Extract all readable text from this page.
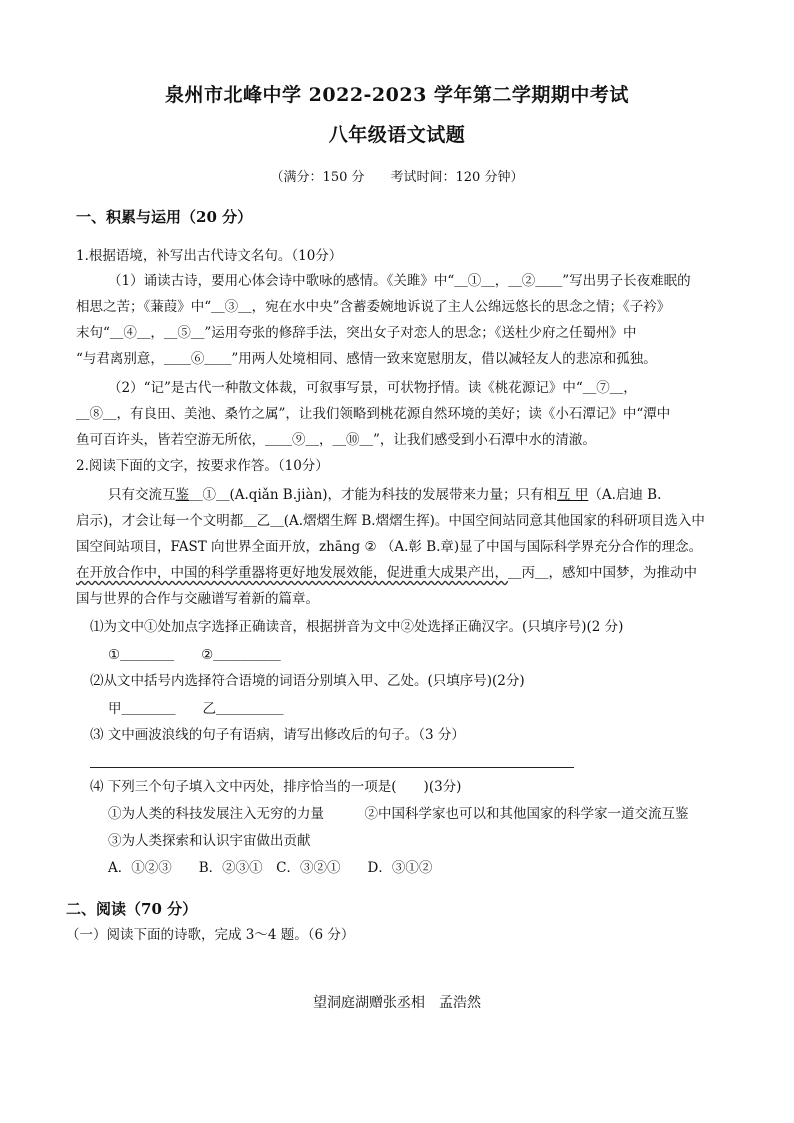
泉州市北峰中学 2022-2023 学年第二学期期中考试
八年级语文试题
（满分：150 分　　考试时间：120 分钟）
一、积累与运用（20 分）
1.根据语境，补写出古代诗文名句。（10分）
（1）诵读古诗，要用心体会诗中歌咏的感情。《关雎》中“＿①＿，＿②＿＿”写出男子长夜难眠的
相思之苦；《蒹葭》中“＿③＿，宛在水中央”含蓄委婉地诉说了主人公绵远悠长的思念之情；《子衿》
末句“＿④＿，＿⑤＿”运用夸张的修辞手法，突出女子对恋人的思念；《送杜少府之任蜀州》中
“与君离别意，＿＿⑥＿＿”用两人处境相同、感情一致来宽慰朋友，借以减轻友人的悲凉和孤独。
（2）“记”是古代一种散文体裁，可叙事写景，可状物抒情。读《桃花源记》中“＿⑦＿，
＿⑧＿，有良田、美池、桑竹之属”，让我们领略到桃花源自然环境的美好；读《小石潭记》中“潭中
鱼可百许头，皆若空游无所依，＿＿⑨＿，＿⑩＿”，让我们感受到小石潭中水的清澈。
2.阅读下面的文字，按要求作答。（10分）
只有交流互鉴＿①＿(A.qiǎn B.jiàn)，才能为科技的发展带来力量；只有相互 甲（A.启迪 B.
启示)，才会让每一个文明都＿乙＿(A.熠熠生辉 B.熠熠生挥)。中国空间站同意其他国家的科研项目选入中
国空间站项目，FAST 向世界全面开放，zhāng ② （A.彰 B.章)显了中国与国际科学界充分合作的理念。
在开放合作中，中国的科学重器将更好地发展效能，促进重大成果产出，＿丙＿，感知中国梦，为推动中
国与世界的合作与交融谱写着新的篇章。
⑴为文中①处加点字选择正确读音，根据拼音为文中②处选择正确汉字。(只填序号)(2 分)
①＿＿＿＿　　②＿＿＿＿＿
⑵从文中括号内选择符合语境的词语分别填入甲、乙处。(只填序号)(2分)
甲＿＿＿＿　　乙＿＿＿＿＿
⑶ 文中画波浪线的句子有语病，请写出修改后的句子。（3 分）
⑷ 下列三个句子填入文中丙处，排序恰当的一项是(　　)(3分)
①为人类的科技发展注入无穷的力量　　　②中国科学家也可以和其他国家的科学家一道交流互鉴
③为人类探索和认识宇宙做出贡献
A．①②③　　B．②③①　C．③②①　　D．③①②
二、阅读（70 分）
（一）阅读下面的诗歌，完成 3～4 题。（6 分）
望洞庭湖赠张丞相　孟浩然
